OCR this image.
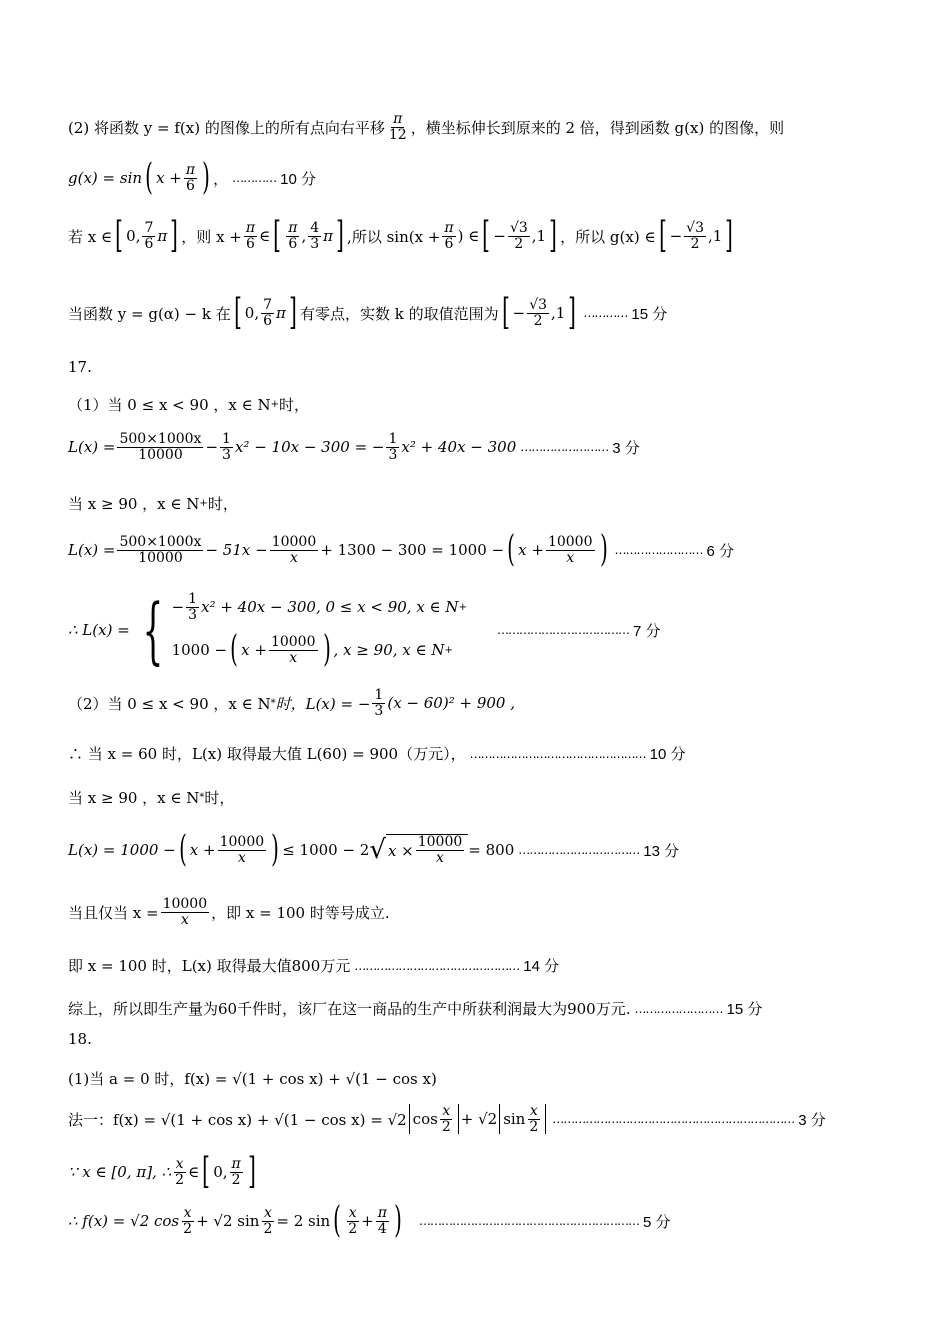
(2) 将函数 y = f(x) 的图像上的所有点向右平移 $\frac{\pi}{12}$ ，横坐标伸长到原来的 2 倍，得到函数 g(x) 的图像，则
g(x) = sin ( $x + \frac{\pi}{6}$ ) ， ………… 10 分
若 x ∈ [ 0, $\frac{7}{6}$ π ] ，则 $x + \frac{\pi}{6}$ ∈ [ $\frac{\pi}{6}$ , $\frac{4}{3}$ π ] ,所以 $\sin(x + \frac{\pi}{6}$ ) ∈ [ − $\frac{√3}{2} ,1$ ] ，所以 g(x) ∈ [ − $\frac{√3}{2} ,1$ ]
当函数 y = g(α) − k 在 [ 0, $\frac{7}{6}$ π ] 有零点，实数 k 的取值范围为 [ − $\frac{√3}{2} ,1$ ] ………… 15 分
17.
（1）当 0 ≤ x < 90 ，x ∈ N + 时，
$L(x) = \frac{500\times 1000x}{10000} - \frac{1}{3} x^2 - 10x - 300$ = − $\frac{1}{3} x^2 + 40x - 300$ …………………… 3 分
当 x ≥ 90 ，x ∈ N + 时，
$L(x) = \frac{500\times 1000x}{10000} - 51x - \frac{10000}{x} + 1300 - 300 = 1000$ − ( $x + \frac{10000}{x}$ ) …………………… 6 分
∴ L(x) = { − $\frac{1}{3} x^2 + 40x - 300$, 0 ≤ x < 90, x ∈ N +
1000 − ( $x + \frac{10000}{x}$ ) , x ≥ 90, x ∈ N +
……………………………… 7 分
（2）当 0 ≤ x < 90 ，x ∈ N * 时，L(x) = − $\frac{1}{3} (x - 60)^2 + 900$ ,
∴ 当 x = 60 时，L(x) 取得最大值 L(60) = 900（万元）， ………………………………………… 10 分
当 x ≥ 90 ，x ∈ N * 时，
L(x) = 1000 − ( $x + \frac{10000}{x}$ ) ≤ 1000 − 2 √ $x \times \frac{10000}{x} = 800$ …………………………… 13 分
当且仅当 $x = \frac{10000}{x}$ ，即 x = 100 时等号成立.
即 x = 100 时，L(x) 取得最大值800万元 ……………………………………… 14 分
综上，所以即生产量为60千件时，该厂在这一商品的生产中所获利润最大为900万元. …………………… 15 分
18.
(1)当 a = 0 时，f(x) = √(1 + cos x) + √(1 − cos x)
法一：f(x) = √(1 + cos x) + √(1 − cos x) = √2 $\cos \frac{x}{2} + √2$ $\sin \frac{x}{2}$ ………………………………………………………… 3 分
∵ x ∈ [0, π], ∴ $\frac{x}{2}$ ∈ [ 0, $\frac{\pi}{2}$ ]
∴ f(x) = √2 $\cos \frac{x}{2} + √2$ $\sin \frac{x}{2} = 2$ sin ( $\frac{x}{2} + \frac{\pi}{4}$ ) …………………………………………………… 5 分
